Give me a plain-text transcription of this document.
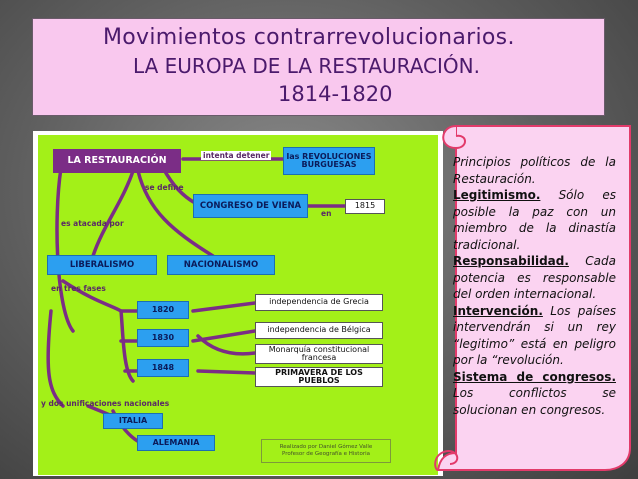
Movimientos contrarrevolucionarios.
LA EUROPA DE LA RESTAURACIÓN.
1814-1820
LA RESTAURACIÓN	las REVOLUCIONES BURGUESAS
CONGRESO DE VIENA	1815
LIBERALISMO	NACIONALISMO
1820
1830
1848
independencia de Grecia
independencia de Bélgica
Monarquía constitucional francesa
PRIMAVERA DE LOS PUEBLOS
ITALIA
ALEMANIA
intenta detener
se define
es atacada por
en
en tres fases
y dos unificaciones nacionales
Realizado por Daniel Gómez Valle
Profesor de Geografía e Historia

Principios políticos de la Restauración.

Legitimismo. Sólo es posible la paz con un miembro de la dinastía tradicional.

Responsabilidad. Cada potencia es responsable del orden internacional.

Intervención. Los países intervendrán si un rey “legitimo” está en peligro por la “revolución.

Sistema de congresos. Los conflictos se solucionan en congresos.
